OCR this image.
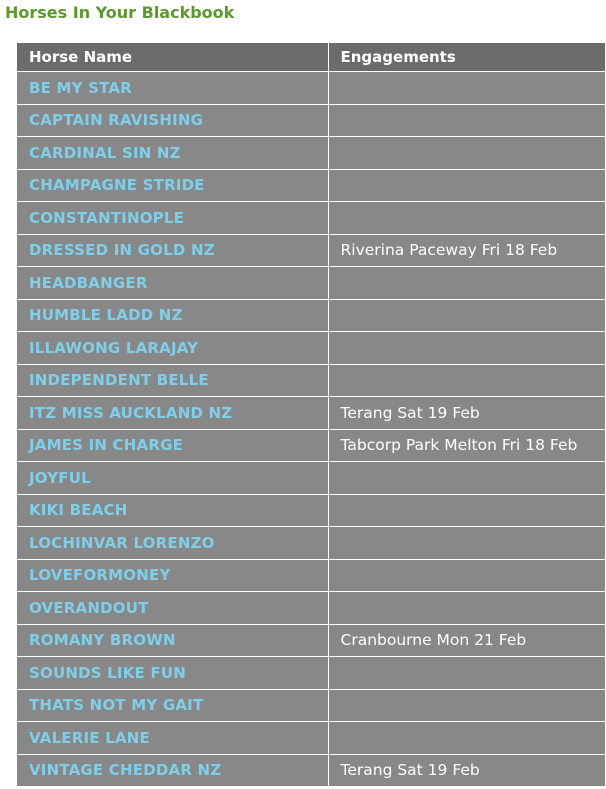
Horses In Your Blackbook
Horse Name	Engagements
BE MY STAR	
CAPTAIN RAVISHING	
CARDINAL SIN NZ	
CHAMPAGNE STRIDE	
CONSTANTINOPLE	
DRESSED IN GOLD NZ	Riverina Paceway Fri 18 Feb
HEADBANGER	
HUMBLE LADD NZ	
ILLAWONG LARAJAY	
INDEPENDENT BELLE	
ITZ MISS AUCKLAND NZ	Terang Sat 19 Feb
JAMES IN CHARGE	Tabcorp Park Melton Fri 18 Feb
JOYFUL	
KIKI BEACH	
LOCHINVAR LORENZO	
LOVEFORMONEY	
OVERANDOUT	
ROMANY BROWN	Cranbourne Mon 21 Feb
SOUNDS LIKE FUN	
THATS NOT MY GAIT	
VALERIE LANE	
VINTAGE CHEDDAR NZ	Terang Sat 19 Feb
